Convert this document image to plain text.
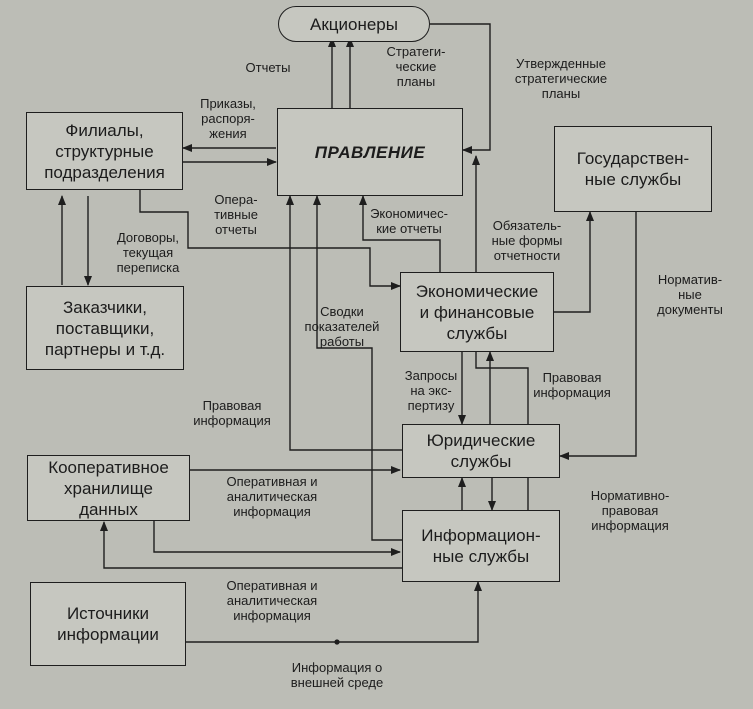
Акционеры
ПРАВЛЕНИЕ
Филиалы,
структурные
подразделения
Заказчики,
поставщики,
партнеры и т.д.
Государствен-
ные службы
Экономические
и финансовые
службы
Юридические
службы
Кооперативное
хранилище
данных
Информацион-
ные службы
Источники
информации
Отчеты
Стратеги-
ческие
планы
Утвержденные
стратегические
планы
Приказы,
распоря-
жения
Опера-
тивные
отчеты
Договоры,
текущая
переписка
Экономичес-
кие отчеты	Обязатель-
ные формы
отчетности
Норматив-
ные
документы
Сводки
показателей
работы
Запросы
на экс-
пертизу
Правовая
информация
Правовая
информация
Оперативная и
аналитическая
информация
Нормативно-
правовая
информация
Оперативная и
аналитическая
информация
Информация о
внешней среде
